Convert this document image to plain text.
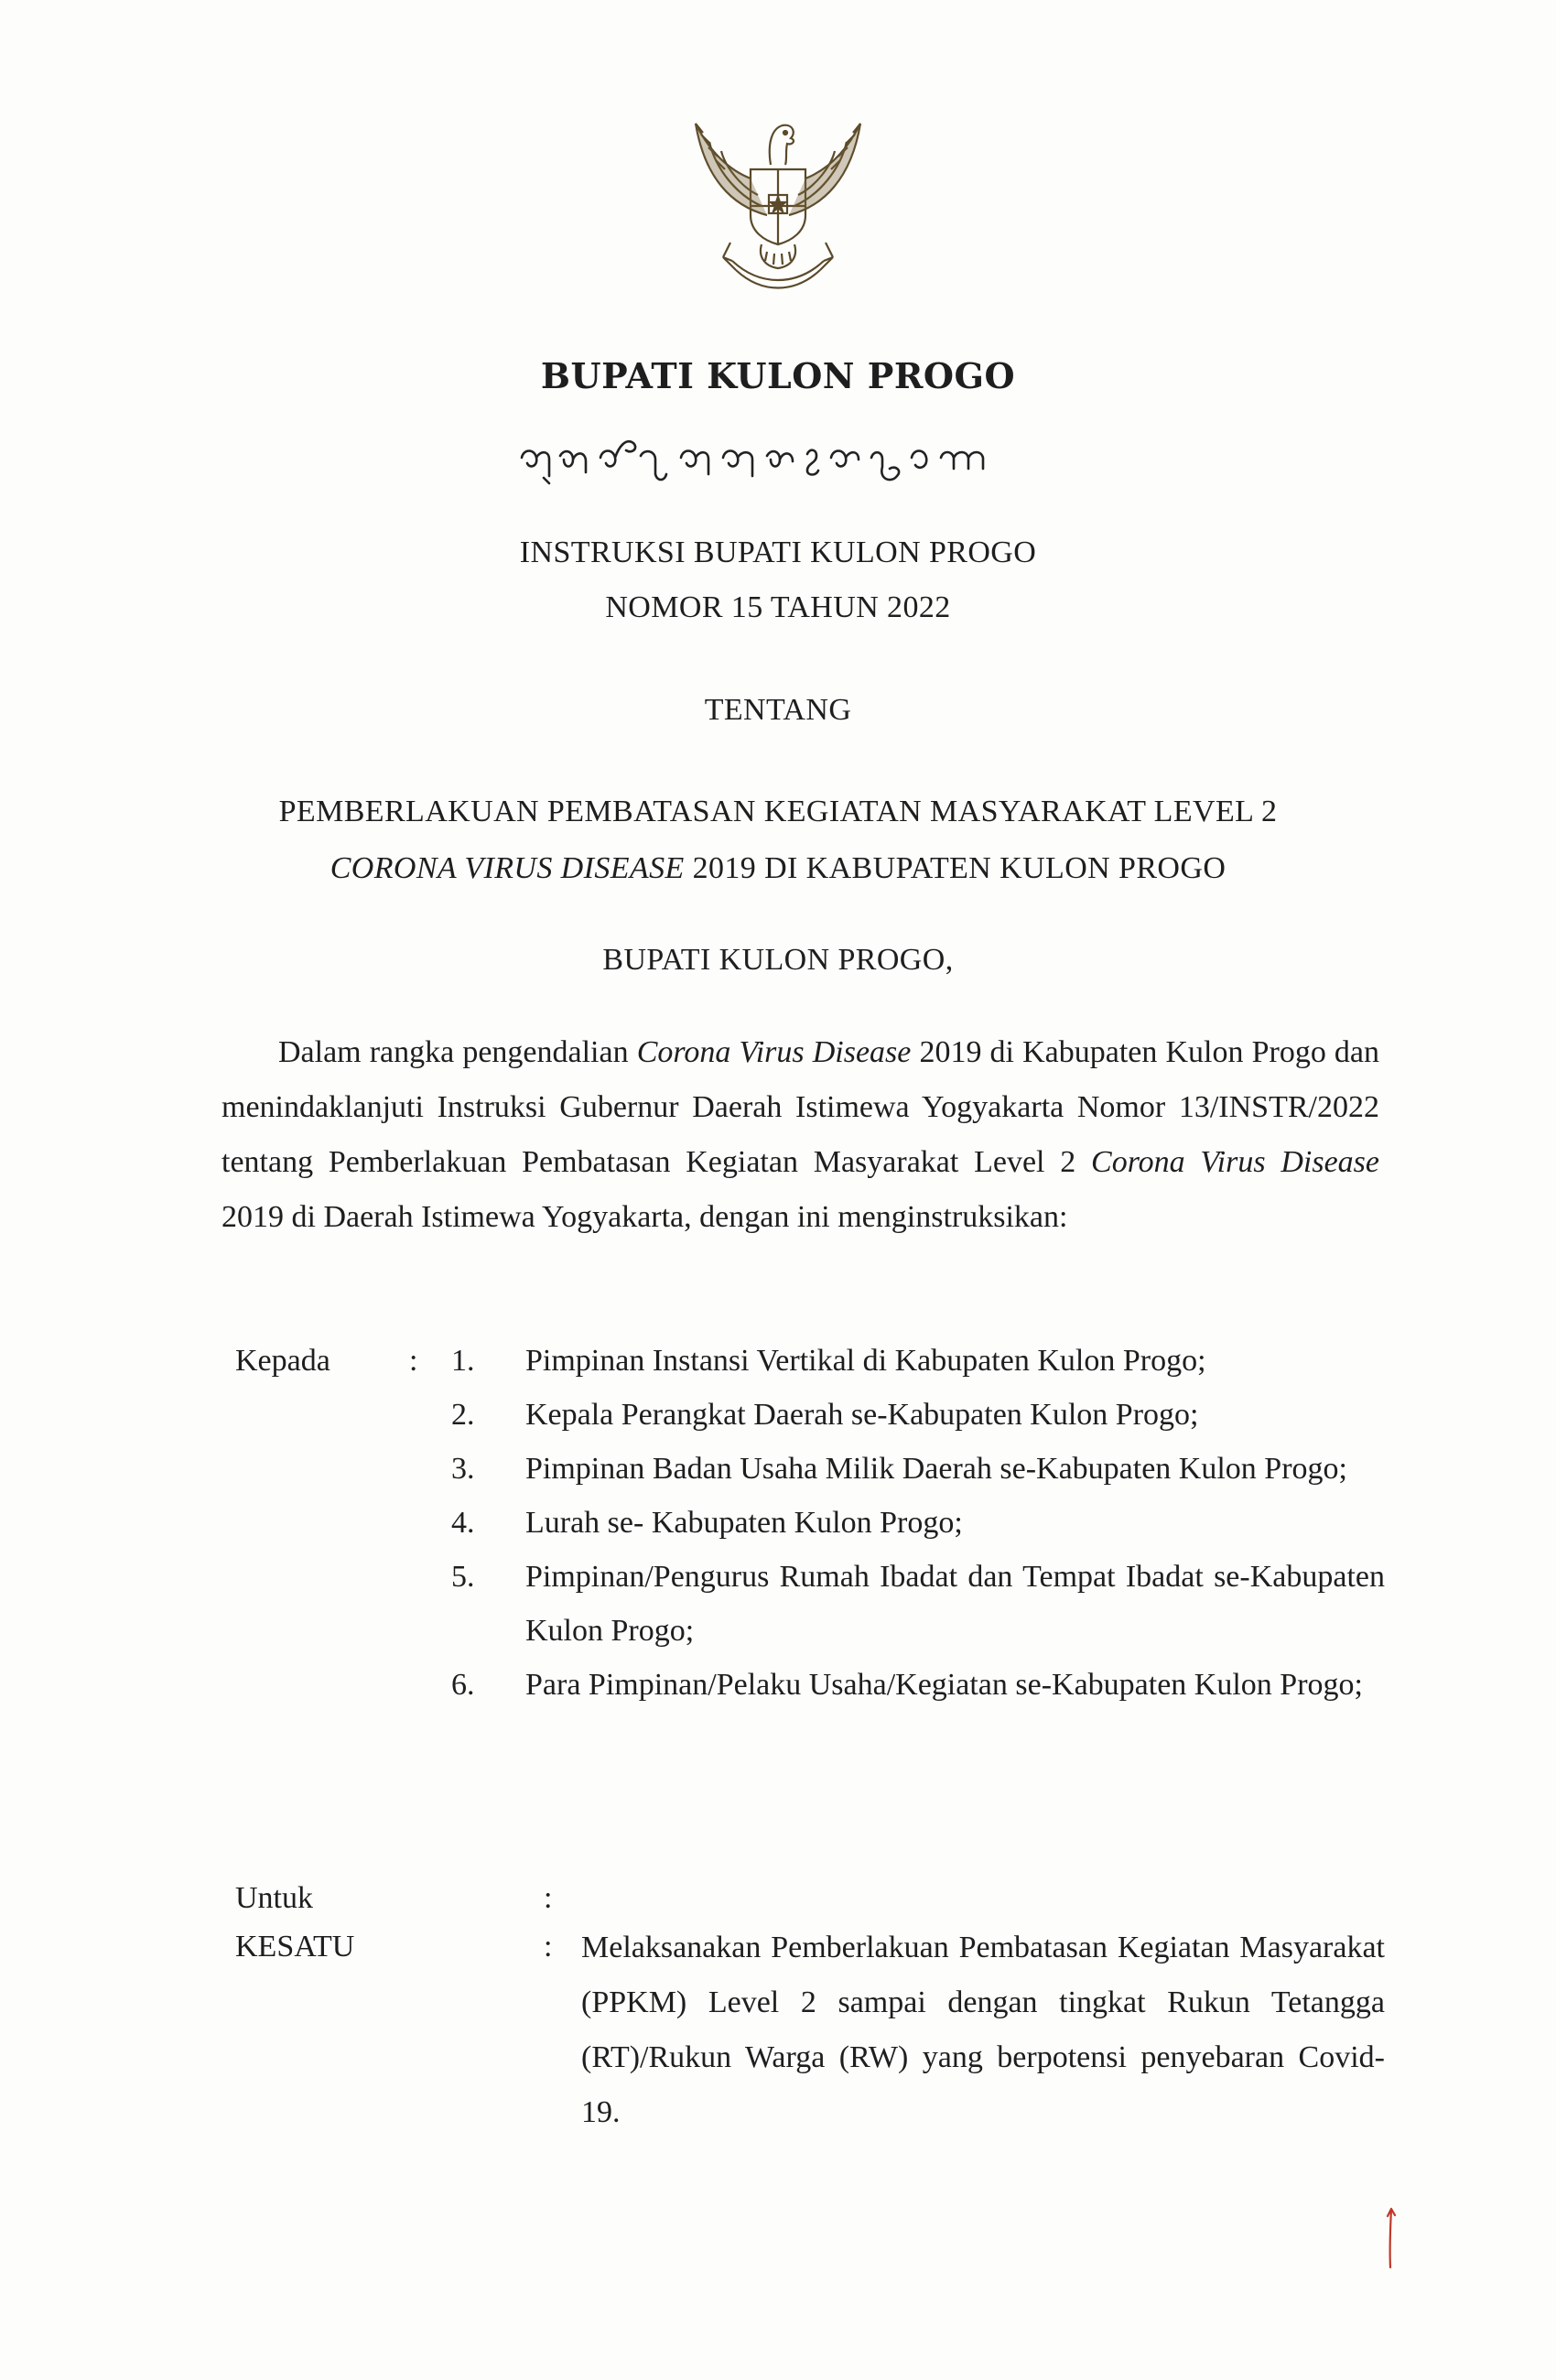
BUPATI KULON PROGO
INSTRUKSI BUPATI KULON PROGO
NOMOR 15 TAHUN 2022
TENTANG
PEMBERLAKUAN PEMBATASAN KEGIATAN MASYARAKAT LEVEL 2
CORONA VIRUS DISEASE 2019 DI KABUPATEN KULON PROGO
BUPATI KULON PROGO,
Dalam rangka pengendalian Corona Virus Disease 2019 di Kabupaten Kulon Progo dan menindaklanjuti Instruksi Gubernur Daerah Istimewa Yogyakarta Nomor 13/INSTR/2022 tentang Pemberlakuan Pembatasan Kegiatan Masyarakat Level 2 Corona Virus Disease 2019 di Daerah Istimewa Yogyakarta, dengan ini menginstruksikan:
Kepada	: 1.	Pimpinan Instansi Vertikal di Kabupaten Kulon Progo;
2.	Kepala Perangkat Daerah se-Kabupaten Kulon Progo;
3.	Pimpinan Badan Usaha Milik Daerah se-Kabupaten Kulon Progo;
4.	Lurah se- Kabupaten Kulon Progo;
5.	Pimpinan/Pengurus Rumah Ibadat dan Tempat Ibadat se-Kabupaten Kulon Progo;
6.	Para Pimpinan/Pelaku Usaha/Kegiatan se-Kabupaten Kulon Progo;
Untuk	:
KESATU	: Melaksanakan Pemberlakuan Pembatasan Kegiatan Masyarakat (PPKM) Level 2 sampai dengan tingkat Rukun Tetangga (RT)/Rukun Warga (RW) yang berpotensi penyebaran Covid-19.
